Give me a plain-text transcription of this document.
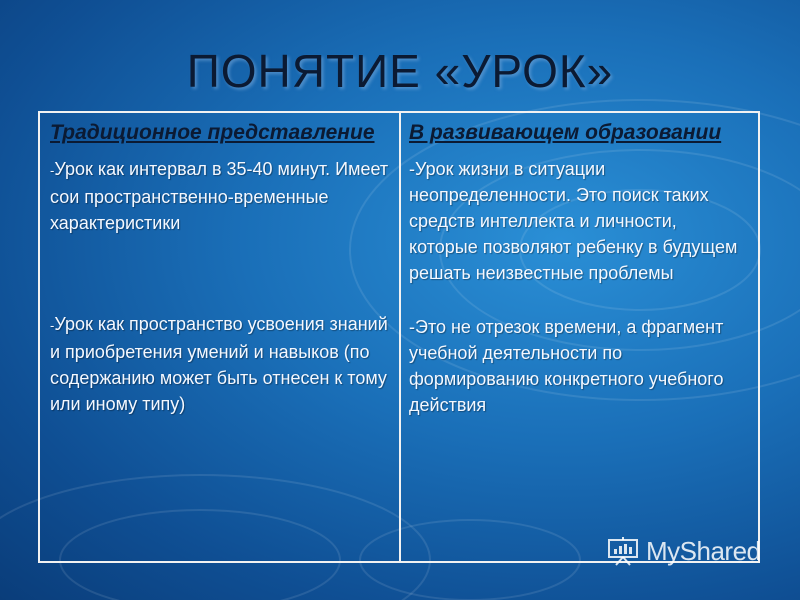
ПОНЯТИЕ «УРОК»
Традиционное представление
-Урок как интервал в 35-40 минут. Имеет сои пространственно-временные характеристики
-Урок как пространство усвоения знаний и приобретения умений и навыков (по содержанию может быть отнесен к тому или иному типу)
В развивающем образовании
-Урок жизни в ситуации неопределенности. Это поиск таких средств интеллекта и личности, которые позволяют ребенку в будущем решать неизвестные проблемы
-Это не отрезок времени, а фрагмент учебной деятельности по формированию конкретного учебного действия
MyShared
